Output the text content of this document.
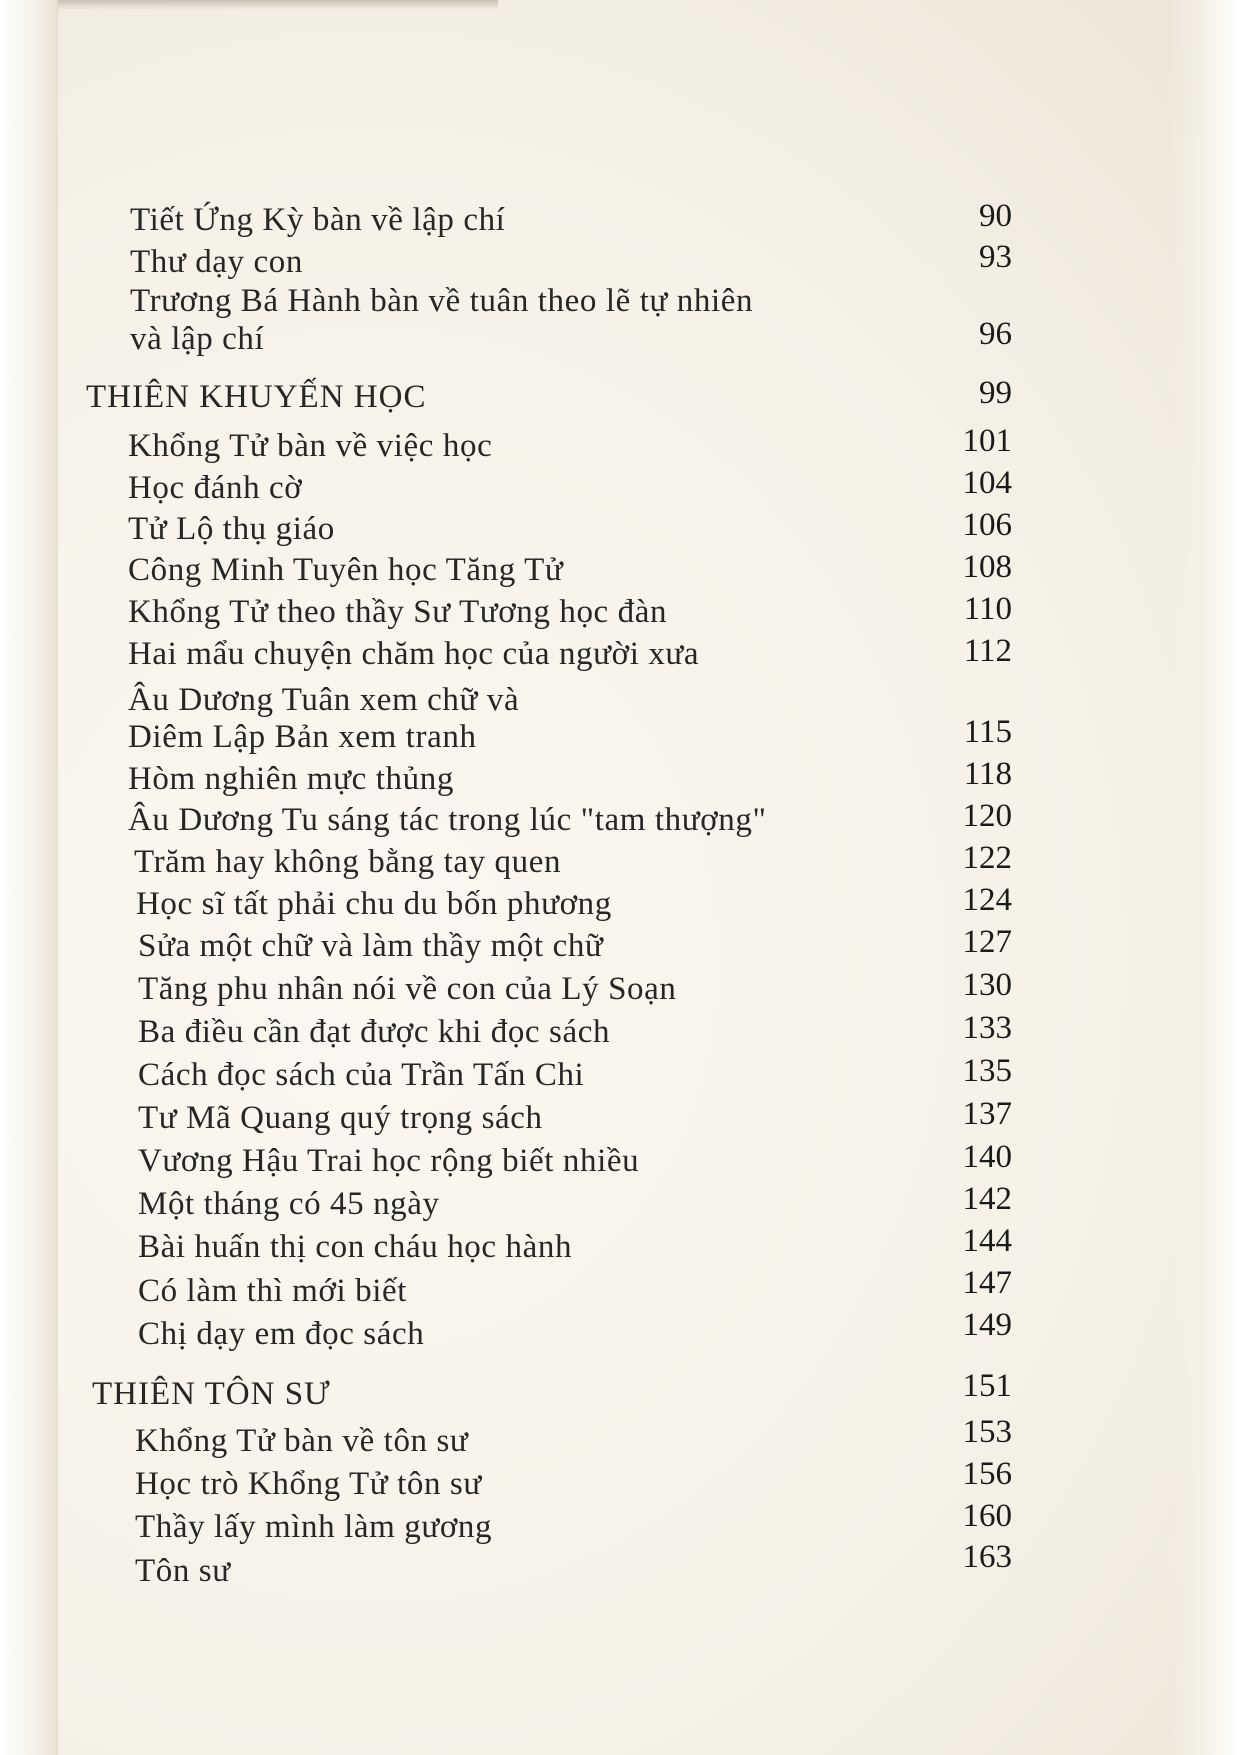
Tiết Ứng Kỳ bàn về lập chí	90
Thư dạy con	93
Trương Bá Hành bàn về tuân theo lẽ tự nhiên
và lập chí	96
THIÊN KHUYẾN HỌC	99
Khổng Tử bàn về việc học	101
Học đánh cờ	104
Tử Lộ thụ giáo	106
Công Minh Tuyên học Tăng Tử	108
Khổng Tử theo thầy Sư Tương học đàn	110
Hai mẩu chuyện chăm học của người xưa	112
Âu Dương Tuân xem chữ và
Diêm Lập Bản xem tranh	115
Hòm nghiên mực thủng	118
Âu Dương Tu sáng tác trong lúc "tam thượng"	120
Trăm hay không bằng tay quen	122
Học sĩ tất phải chu du bốn phương	124
Sửa một chữ và làm thầy một chữ	127
Tăng phu nhân nói về con của Lý Soạn	130
Ba điều cần đạt được khi đọc sách	133
Cách đọc sách của Trần Tấn Chi	135
Tư Mã Quang quý trọng sách	137
Vương Hậu Trai học rộng biết nhiều	140
Một tháng có 45 ngày	142
Bài huấn thị con cháu học hành	144
Có làm thì mới biết	147
Chị dạy em đọc sách	149
THIÊN TÔN SƯ	151
Khổng Tử bàn về tôn sư	153
Học trò Khổng Tử tôn sư	156
Thầy lấy mình làm gương	160
Tôn sư	163
